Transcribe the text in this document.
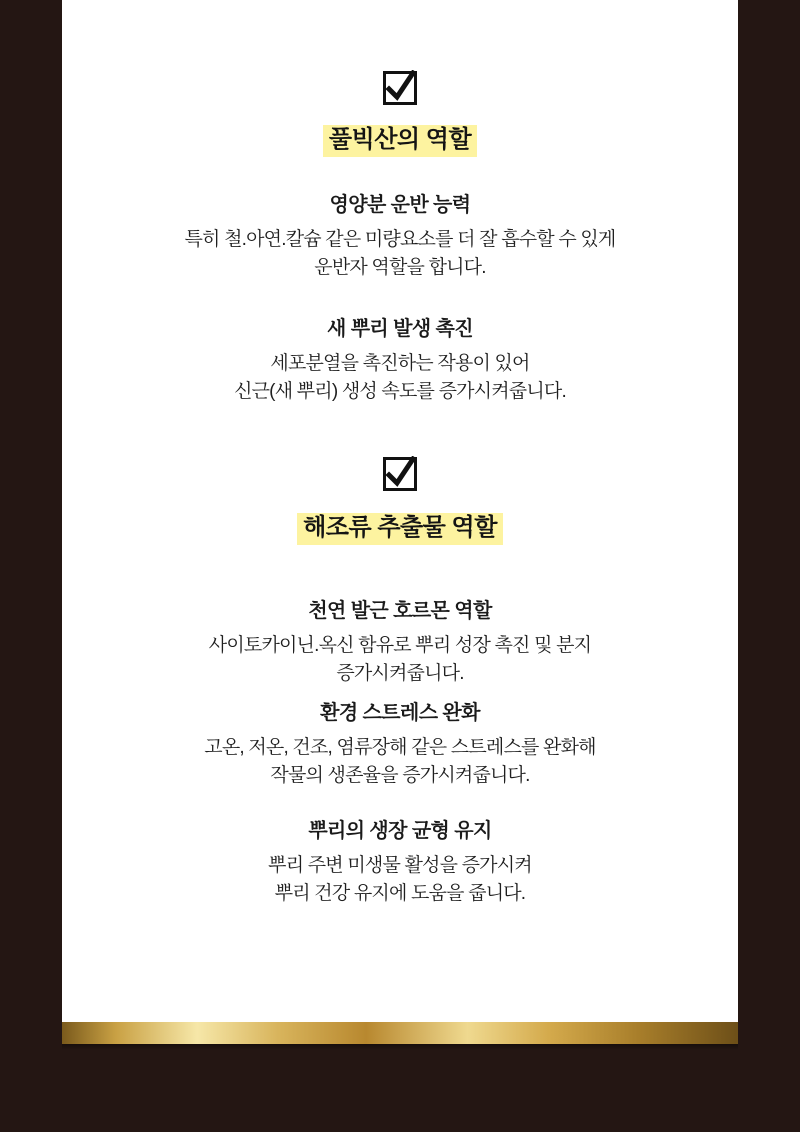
풀빅산의 역할
영양분 운반 능력
특히 철.아연.칼슘 같은 미량요소를 더 잘 흡수할 수 있게
운반자 역할을 합니다.
새 뿌리 발생 촉진
세포분열을 촉진하는 작용이 있어
신근(새 뿌리) 생성 속도를 증가시켜줍니다.
해조류 추출물 역할
천연 발근 호르몬 역할
사이토카이닌.옥신 함유로 뿌리 성장 촉진 및 분지
증가시켜줍니다.
환경 스트레스 완화
고온, 저온, 건조, 염류장해 같은 스트레스를 완화해
작물의 생존율을 증가시켜줍니다.
뿌리의 생장 균형 유지
뿌리 주변 미생물 활성을 증가시켜
뿌리 건강 유지에 도움을 줍니다.
